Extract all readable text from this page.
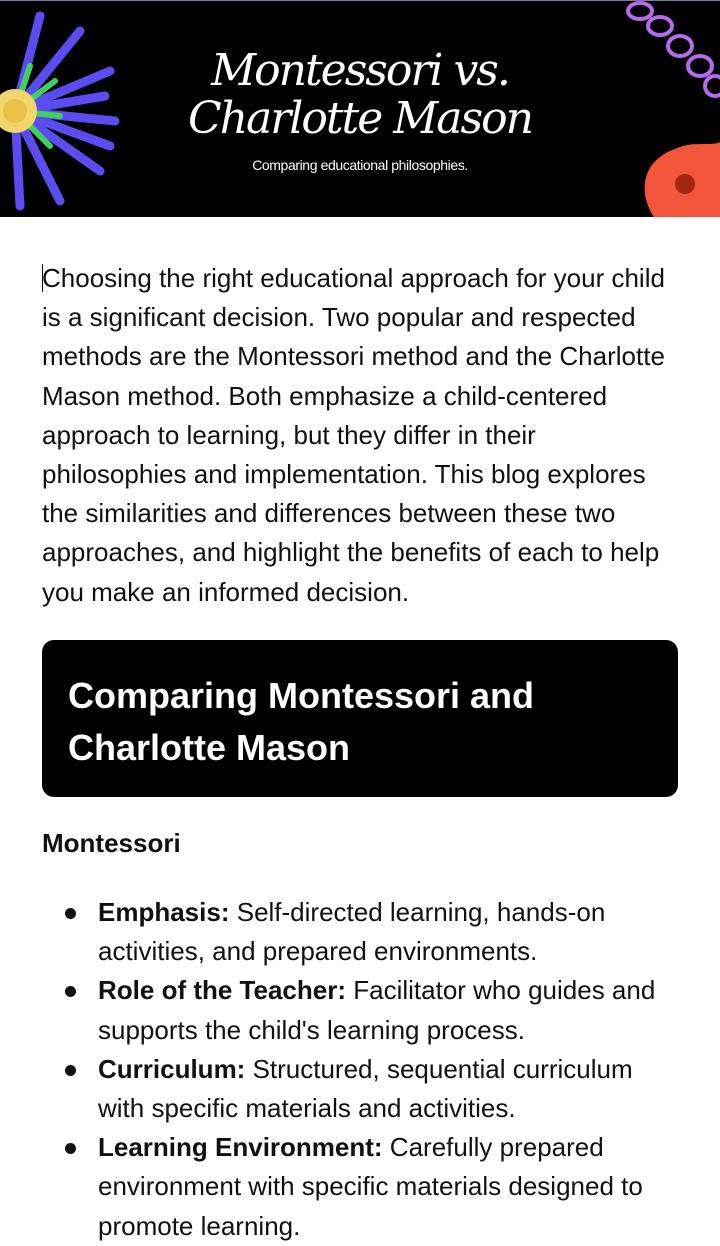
Montessori vs. Charlotte Mason

Comparing educational philosophies.

Choosing the right educational approach for your child is a significant decision. Two popular and respected methods are the Montessori method and the Charlotte Mason method. Both emphasize a child-centered approach to learning, but they differ in their philosophies and implementation. This blog explores the similarities and differences between these two approaches, and highlight the benefits of each to help you make an informed decision.

Comparing Montessori and Charlotte Mason
Montessori
Emphasis: Self-directed learning, hands-on activities, and prepared environments.
Role of the Teacher: Facilitator who guides and supports the child's learning process.
Curriculum: Structured, sequential curriculum with specific materials and activities.
Learning Environment: Carefully prepared environment with specific materials designed to promote learning.
